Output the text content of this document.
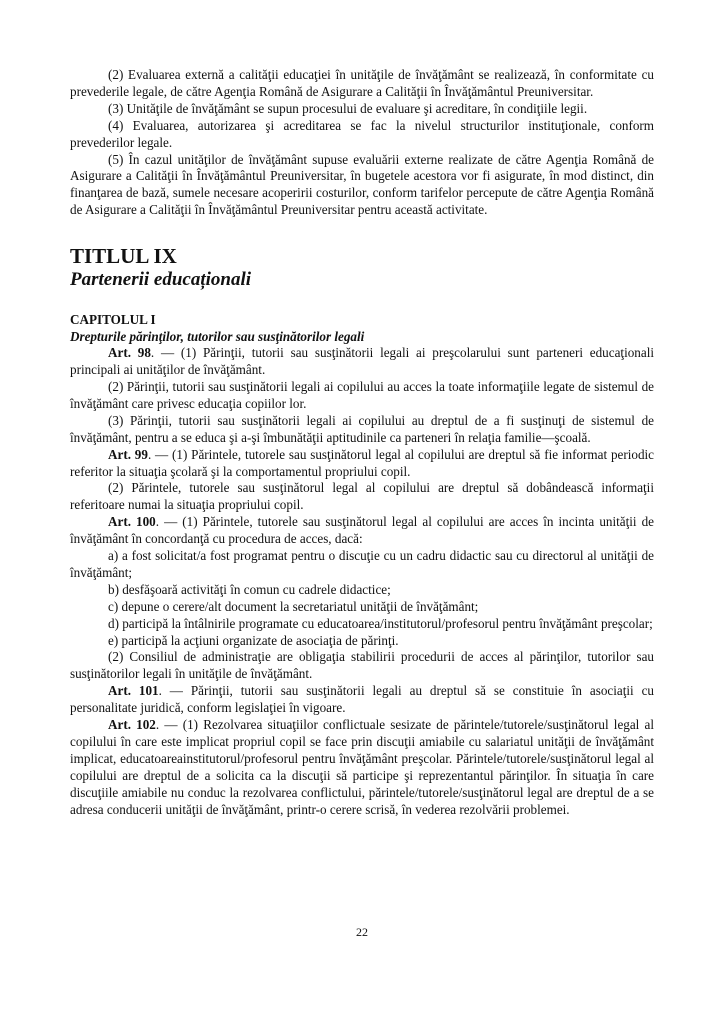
(2) Evaluarea externă a calităţii educaţiei în unităţile de învăţământ se realizează, în conformitate cu prevederile legale, de către Agenţia Română de Asigurare a Calităţii în Învăţământul Preuniversitar.

(3) Unităţile de învăţământ se supun procesului de evaluare şi acreditare, în condiţiile legii.

(4) Evaluarea, autorizarea şi acreditarea se fac la nivelul structurilor instituţionale, conform prevederilor legale.

(5) În cazul unităţilor de învăţământ supuse evaluării externe realizate de către Agenţia Română de Asigurare a Calităţii în Învăţământul Preuniversitar, în bugetele acestora vor fi asigurate, în mod distinct, din finanţarea de bază, sumele necesare acoperirii costurilor, conform tarifelor percepute de către Agenţia Română de Asigurare a Calităţii în Învăţământul Preuniversitar pentru această activitate.

TITLUL IX
Partenerii educaționali
CAPITOLUL I
Drepturile părinţilor, tutorilor sau susţinătorilor legali

Art. 98. — (1) Părinţii, tutorii sau susţinătorii legali ai preşcolarului sunt parteneri educaţionali principali ai unităţilor de învăţământ.

(2) Părinţii, tutorii sau susţinătorii legali ai copilului au acces la toate informaţiile legate de sistemul de învăţământ care privesc educaţia copiilor lor.

(3) Părinţii, tutorii sau susţinătorii legali ai copilului au dreptul de a fi susţinuţi de sistemul de învăţământ, pentru a se educa şi a-şi îmbunătăţii aptitudinile ca parteneri în relaţia familie—şcoală.

Art. 99. — (1) Părintele, tutorele sau susţinătorul legal al copilului are dreptul să fie informat periodic referitor la situaţia şcolară şi la comportamentul propriului copil.

(2) Părintele, tutorele sau susţinătorul legal al copilului are dreptul să dobândească informaţii referitoare numai la situaţia propriului copil.

Art. 100. — (1) Părintele, tutorele sau susţinătorul legal al copilului are acces în incinta unităţii de învăţământ în concordanţă cu procedura de acces, dacă:

a) a fost solicitat/a fost programat pentru o discuţie cu un cadru didactic sau cu directorul al unităţii de învăţământ;

b) desfăşoară activităţi în comun cu cadrele didactice;

c) depune o cerere/alt document la secretariatul unităţii de învăţământ;

d) participă la întâlnirile programate cu educatoarea/institutorul/profesorul pentru învăţământ preşcolar;

e) participă la acţiuni organizate de asociaţia de părinţi.

(2) Consiliul de administraţie are obligaţia stabilirii procedurii de acces al părinţilor, tutorilor sau susţinătorilor legali în unităţile de învăţământ.

Art. 101. — Părinţii, tutorii sau susţinătorii legali au dreptul să se constituie în asociaţii cu personalitate juridică, conform legislaţiei în vigoare.

Art. 102. — (1) Rezolvarea situaţiilor conflictuale sesizate de părintele/tutorele/susţinătorul legal al copilului în care este implicat propriul copil se face prin discuţii amiabile cu salariatul unităţii de învăţământ implicat, educatoareainstitutorul/profesorul pentru învăţământ preşcolar. Părintele/tutorele/susţinătorul legal al copilului are dreptul de a solicita ca la discuţii să participe şi reprezentantul părinţilor. În situaţia în care discuţiile amiabile nu conduc la rezolvarea conflictului, părintele/tutorele/susţinătorul legal are dreptul de a se adresa conducerii unităţii de învăţământ, printr-o cerere scrisă, în vederea rezolvării problemei.

22
